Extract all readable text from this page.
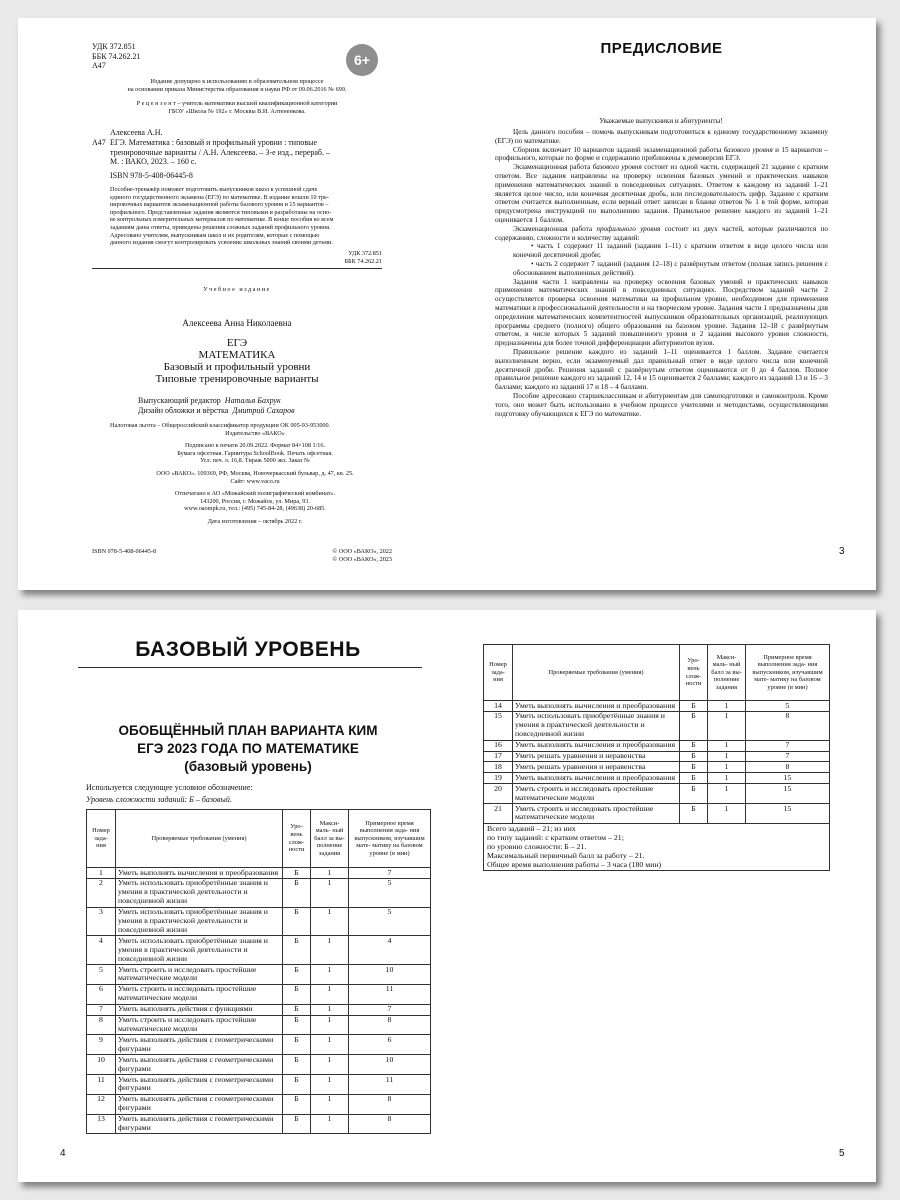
УДК 372.851
ББК 74.262.21
А47	6+
Издание допущено к использованию в образовательном процессе
на основании приказа Министерства образования и науки РФ от 09.06.2016 № 699.
Р е ц е н з е н т – учитель математики высшей квалификационной категории
ГБОУ «Школа № 192» г. Москвы В.И. Алтененкова.
Алексеева А.Н.
А47 ЕГЭ. Математика : базовый и профильный уровни : типовые
тренировочные варианты / А.Н. Алексеева. – 3-е изд., перераб. –
М. : ВАКО, 2023. – 160 с.
ISBN 978-5-408-06445-8
Пособие-тренажёр поможет подготовить выпускников школ к успешной сдаче
единого государственного экзамена (ЕГЭ) по математике. В издание вошли 10 тре-
нировочных вариантов экзаменационной работы базового уровня и 15 вариантов –
профильного. Представленные задания являются типовыми и разработаны на осно-
ве контрольных измерительных материалов по математике. В конце пособия ко всем
заданиям даны ответы, приведены решения сложных заданий профильного уровня.
Адресовано учителям, выпускникам школ и их родителям, которые с помощью
данного издания смогут контролировать усвоение школьных знаний своими детьми.
УДК 372.851
ББК 74.262.21
Учебное издание
Алексеева Анна Николаевна
ЕГЭ
МАТЕМАТИКА
Базовый и профильный уровни
Типовые тренировочные варианты
Выпускающий редактор Наталья Бахрук
Дизайн обложки и вёрстка Дмитрий Сахаров
Налоговая льгота – Общероссийский классификатор продукции ОК 005-93-953000.
Издательство «ВАКО»
Подписано к печати 20.09.2022. Формат 84×108 1/16.
Бумага офсетная. Гарнитура SchoolBook. Печать офсетная.
Усл. печ. л. 16,8. Тираж 5000 экз. Заказ №
ООО «ВАКО». 109369, РФ, Москва, Новочеркасский бульвар, д. 47, кв. 25.
Сайт: www.vaco.ru
Отпечатано в АО «Можайский полиграфический комбинат».
143200, Россия, г. Можайск, ул. Мира, 93.
www.oaompk.ru, тел.: (495) 745-84-28, (49638) 20-685.
Дата изготовления – октябрь 2022 г.
ISBN 978-5-408-06445-8	© ООО «ВАКО», 2022
© ООО «ВАКО», 2023
ПРЕДИСЛОВИЕ
Уважаемые выпускники и абитуриенты!

Цель данного пособия – помочь выпускникам подготовиться к единому государственному экзамену (ЕГЭ) по математике.

Сборник включает 10 вариантов заданий экзаменационной работы базового уровня и 15 вариантов – профильного, которые по форме и содержанию приближены к демоверсии ЕГЭ.

Экзаменационная работа базового уровня состоит из одной части, содержащей 21 задание с кратким ответом. Все задания направлены на проверку освоения базовых умений и практических навыков применения математических знаний в повседневных ситуациях. Ответом к каждому из заданий 1–21 является целое число, или конечная десятичная дробь, или последовательность цифр. Задание с кратким ответом считается выполненным, если верный ответ записан в бланке ответов № 1 в той форме, которая предусмотрена инструкцией по выполнению задания. Правильное решение каждого из заданий 1–21 оценивается 1 баллом.

Экзаменационная работа профильного уровня состоит из двух частей, которые различаются по содержанию, сложности и количеству заданий:

• часть 1 содержит 11 заданий (задания 1–11) с кратким ответом в виде целого числа или конечной десятичной дроби;

• часть 2 содержит 7 заданий (задания 12–18) с развёрнутым ответом (полная запись решения с обоснованием выполненных действий).

Задания части 1 направлены на проверку освоения базовых умений и практических навыков применения математических знаний в повседневных ситуациях. Посредством заданий части 2 осуществляется проверка освоения математики на профильном уровне, необходимом для применения математики в профессиональной деятельности и на творческом уровне. Задания части 1 предназначены для определения математических компетентностей выпускников образовательных организаций, реализующих программы среднего (полного) общего образования на базовом уровне. Задания 12–18 с развёрнутым ответом, в числе которых 5 заданий повышенного уровня и 2 задания высокого уровня сложности, предназначены для более точной дифференциации абитуриентов вузов.

Правильное решение каждого из заданий 1–11 оценивается 1 баллом. Задание считается выполненным верно, если экзаменуемый дал правильный ответ в виде целого числа или конечной десятичной дроби. Решения заданий с развёрнутым ответом оцениваются от 0 до 4 баллов. Полное правильное решение каждого из заданий 12, 14 и 15 оценивается 2 баллами; каждого из заданий 13 и 16 – 3 баллами; каждого из заданий 17 и 18 – 4 баллами.

Пособие адресовано старшеклассникам и абитуриентам для самоподготовки и самоконтроля. Кроме того, оно может быть использовано в учебном процессе учителями и методистами, осуществляющими подготовку обучающихся к ЕГЭ по математике.

3
БАЗОВЫЙ УРОВЕНЬ
ОБОБЩЁННЫЙ ПЛАН ВАРИАНТА КИМ
ЕГЭ 2023 ГОДА ПО МАТЕМАТИКЕ
(базовый уровень)
Используется следующее условное обозначение:
Уровень сложности заданий: Б – базовый.
Номер зада- ния	Проверяемые требования (умения)	Уро- вень слож- ности	Макси- маль- ный балл за вы- полнение задания	Примерное время выполнения зада- ния выпускником, изучавшим мате- матику на базовом уровне (в мин)
1	Уметь выполнять вычисления и преобразования	Б	1	7
2	Уметь использовать приобретённые знания и умения в практической деятельности и повседневной жизни	Б	1	5
3	Уметь использовать приобретённые знания и умения в практической деятельности и повседневной жизни	Б	1	5
4	Уметь использовать приобретённые знания и умения в практической деятельности и повседневной жизни	Б	1	4
5	Уметь строить и исследовать простейшие математические модели	Б	1	10
6	Уметь строить и исследовать простейшие математические модели	Б	1	11
7	Уметь выполнять действия с функциями	Б	1	7
8	Уметь строить и исследовать простейшие математические модели	Б	1	8
9	Уметь выполнять действия с геометрическими фигурами	Б	1	6
10	Уметь выполнять действия с геометрическими фигурами	Б	1	10
11	Уметь выполнять действия с геометрическими фигурами	Б	1	11
12	Уметь выполнять действия с геометрическими фигурами	Б	1	8
13	Уметь выполнять действия с геометрическими фигурами	Б	1	8
4
Номер зада- ния	Проверяемые требования (умения)	Уро- вень слож- ности	Макси- маль- ный балл за вы- полнение задания	Примерное время выполнения зада- ния выпускником, изучавшим мате- матику на базовом уровне (в мин)
14	Уметь выполнять вычисления и преобразования	Б	1	5
15	Уметь использовать приобретённые знания и умения в практической деятельности и повседневной жизни	Б	1	8
16	Уметь выполнять вычисления и преобразования	Б	1	7
17	Уметь решать уравнения и неравенства	Б	1	7
18	Уметь решать уравнения и неравенства	Б	1	8
19	Уметь выполнять вычисления и преобразования	Б	1	15
20	Уметь строить и исследовать простейшие математические модели	Б	1	15
21	Уметь строить и исследовать простейшие математические модели	Б	1	15

Всего заданий – 21; из них
по типу заданий: с кратким ответом – 21;
по уровню сложности: Б – 21.
Максимальный первичный балл за работу – 21.
Общее время выполнения работы – 3 часа (180 мин)				
5
